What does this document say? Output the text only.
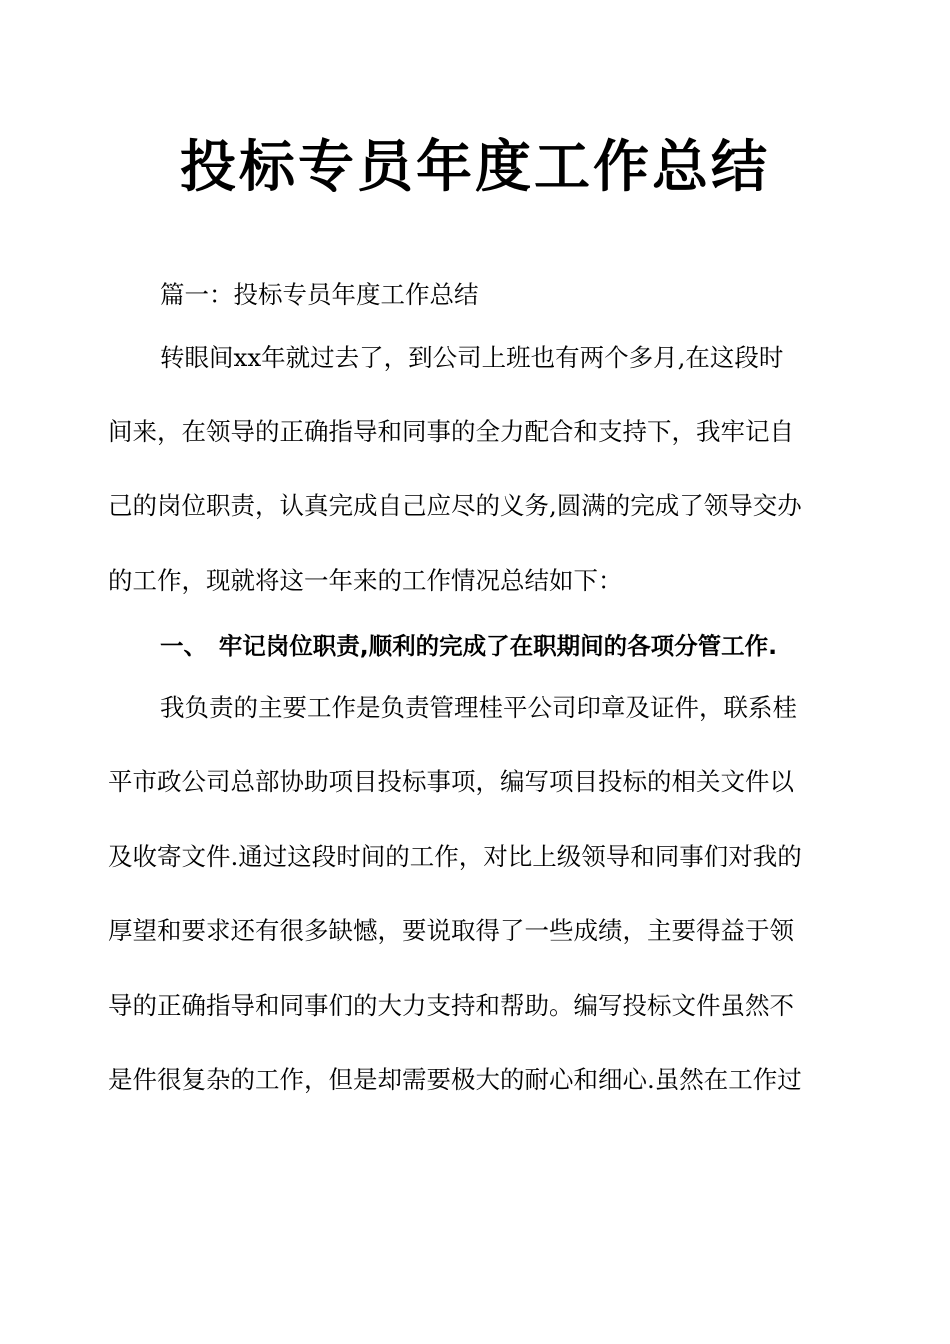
投标专员年度工作总结
篇一：投标专员年度工作总结
转眼间xx年就过去了，到公司上班也有两个多月,在这段时
间来，在领导的正确指导和同事的全力配合和支持下，我牢记自
己的岗位职责，认真完成自己应尽的义务,圆满的完成了领导交办
的工作，现就将这一年来的工作情况总结如下：
一、　牢记岗位职责,顺利的完成了在职期间的各项分管工作.
我负责的主要工作是负责管理桂平公司印章及证件，联系桂
平市政公司总部协助项目投标事项，编写项目投标的相关文件以
及收寄文件.通过这段时间的工作，对比上级领导和同事们对我的
厚望和要求还有很多缺憾，要说取得了一些成绩，主要得益于领
导的正确指导和同事们的大力支持和帮助。编写投标文件虽然不
是件很复杂的工作，但是却需要极大的耐心和细心.虽然在工作过
